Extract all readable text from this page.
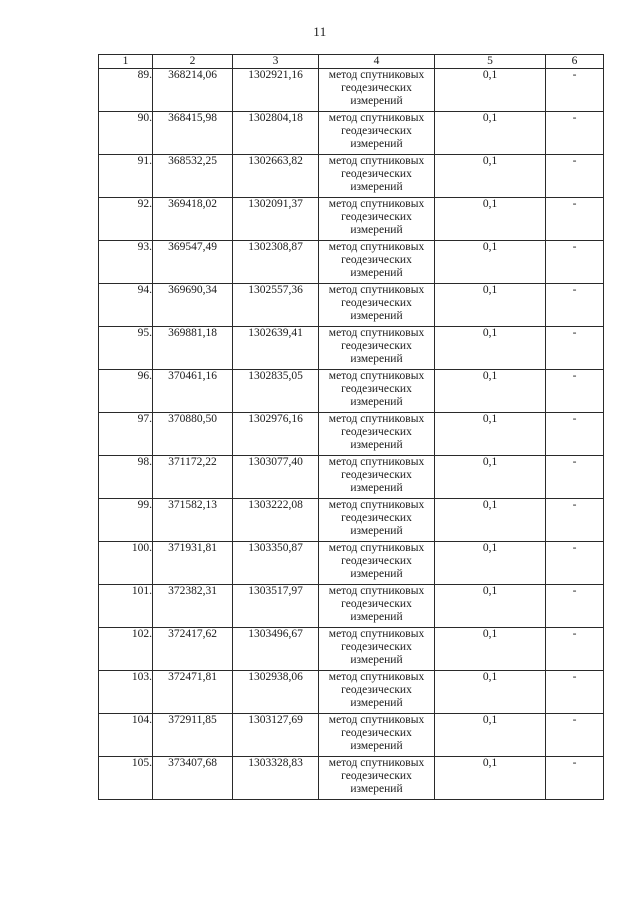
11
1	2	3	4	5	6
89.	368214,06	1302921,16	метод спутниковых
геодезических
измерений	0,1	-
90.	368415,98	1302804,18	метод спутниковых
геодезических
измерений	0,1	-
91.	368532,25	1302663,82	метод спутниковых
геодезических
измерений	0,1	-
92.	369418,02	1302091,37	метод спутниковых
геодезических
измерений	0,1	-
93.	369547,49	1302308,87	метод спутниковых
геодезических
измерений	0,1	-
94.	369690,34	1302557,36	метод спутниковых
геодезических
измерений	0,1	-
95.	369881,18	1302639,41	метод спутниковых
геодезических
измерений	0,1	-
96.	370461,16	1302835,05	метод спутниковых
геодезических
измерений	0,1	-
97.	370880,50	1302976,16	метод спутниковых
геодезических
измерений	0,1	-
98.	371172,22	1303077,40	метод спутниковых
геодезических
измерений	0,1	-
99.	371582,13	1303222,08	метод спутниковых
геодезических
измерений	0,1	-
100.	371931,81	1303350,87	метод спутниковых
геодезических
измерений	0,1	-
101.	372382,31	1303517,97	метод спутниковых
геодезических
измерений	0,1	-
102.	372417,62	1303496,67	метод спутниковых
геодезических
измерений	0,1	-
103.	372471,81	1302938,06	метод спутниковых
геодезических
измерений	0,1	-
104.	372911,85	1303127,69	метод спутниковых
геодезических
измерений	0,1	-
105.	373407,68	1303328,83	метод спутниковых
геодезических
измерений	0,1	-
